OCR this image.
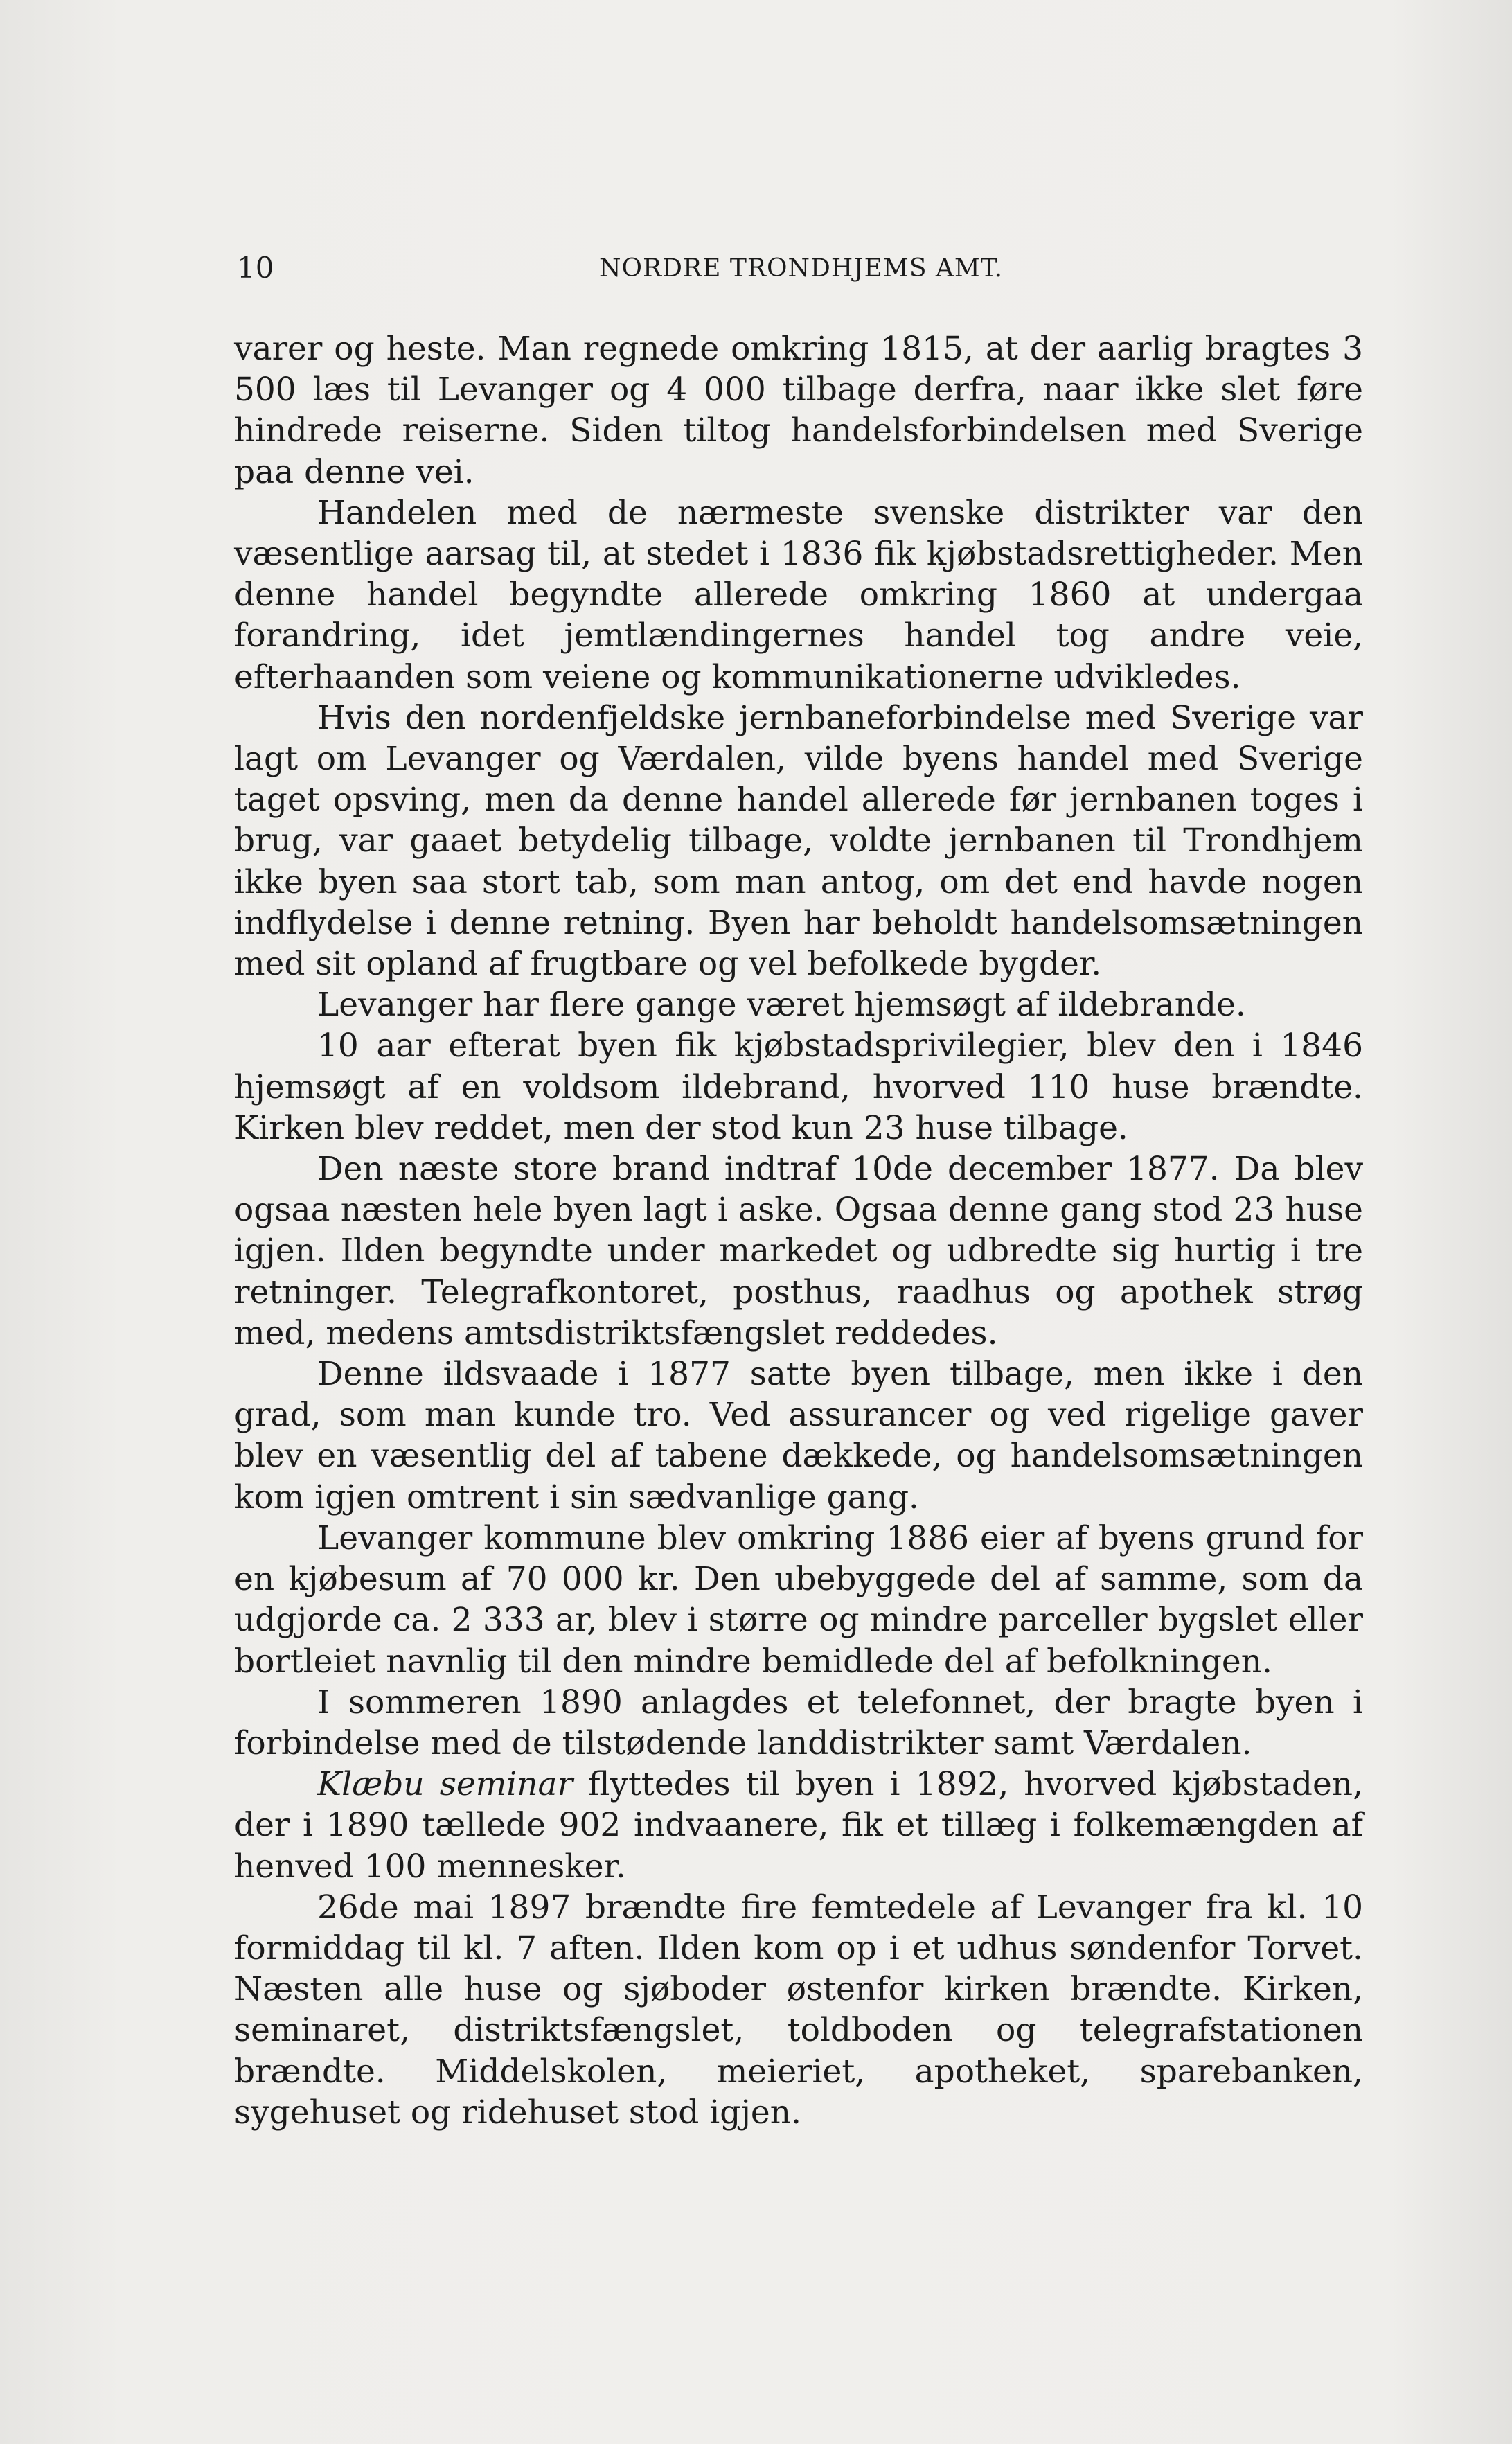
10	NORDRE TRONDHJEMS AMT.

varer og heste. Man regnede omkring 1815, at der aarlig bragtes 3 500 læs til Levanger og 4 000 tilbage derfra, naar ikke slet føre hindrede reiserne. Siden tiltog handelsforbindelsen med Sverige paa denne vei.

Handelen med de nærmeste svenske distrikter var den væsentlige aarsag til, at stedet i 1836 fik kjøbstadsrettigheder. Men denne handel begyndte allerede omkring 1860 at undergaa forandring, idet jemtlændingernes handel tog andre veie, efterhaanden som veiene og kommunikationerne udvikledes.

Hvis den nordenfjeldske jernbaneforbindelse med Sverige var lagt om Levanger og Værdalen, vilde byens handel med Sverige taget opsving, men da denne handel allerede før jernbanen toges i brug, var gaaet betydelig tilbage, voldte jernbanen til Trondhjem ikke byen saa stort tab, som man antog, om det end havde nogen indflydelse i denne retning. Byen har beholdt handelsomsætningen med sit opland af frugtbare og vel befolkede bygder.

Levanger har flere gange været hjemsøgt af ildebrande.

10 aar efterat byen fik kjøbstadsprivilegier, blev den i 1846 hjemsøgt af en voldsom ildebrand, hvorved 110 huse brændte. Kirken blev reddet, men der stod kun 23 huse tilbage.

Den næste store brand indtraf 10de december 1877. Da blev ogsaa næsten hele byen lagt i aske. Ogsaa denne gang stod 23 huse igjen. Ilden begyndte under markedet og udbredte sig hurtig i tre retninger. Telegrafkontoret, posthus, raadhus og apothek strøg med, medens amtsdistriktsfængslet reddedes.

Denne ildsvaade i 1877 satte byen tilbage, men ikke i den grad, som man kunde tro. Ved assurancer og ved rigelige gaver blev en væsentlig del af tabene dækkede, og handelsomsætningen kom igjen omtrent i sin sædvanlige gang.

Levanger kommune blev omkring 1886 eier af byens grund for en kjøbesum af 70 000 kr. Den ubebyggede del af samme, som da udgjorde ca. 2 333 ar, blev i større og mindre parceller bygslet eller bortleiet navnlig til den mindre bemidlede del af befolkningen.

I sommeren 1890 anlagdes et telefonnet, der bragte byen i forbindelse med de tilstødende landdistrikter samt Værdalen.

Klæbu seminar flyttedes til byen i 1892, hvorved kjøbstaden, der i 1890 tællede 902 indvaanere, fik et tillæg i folkemængden af henved 100 mennesker.

26de mai 1897 brændte fire femtedele af Levanger fra kl. 10 formiddag til kl. 7 aften. Ilden kom op i et udhus søndenfor Torvet. Næsten alle huse og sjøboder østenfor kirken brændte. Kirken, seminaret, distriktsfængslet, toldboden og telegrafstationen brændte. Middelskolen, meieriet, apotheket, sparebanken, sygehuset og ridehuset stod igjen.
